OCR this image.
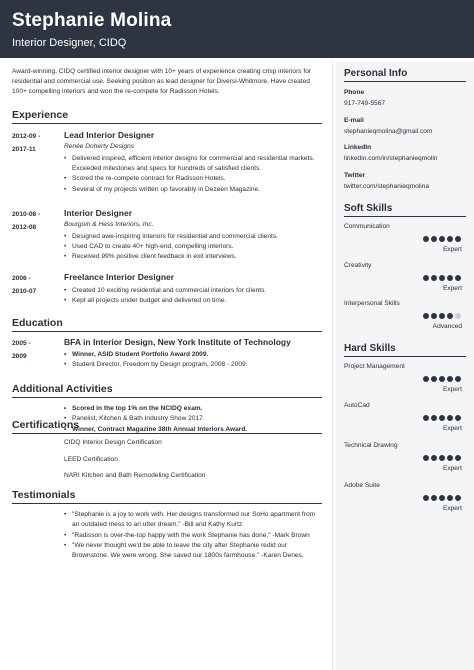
Stephanie Molina
Interior Designer, CIDQ
Award-winning, CIDQ certified interior designer with 10+ years of experience creating crisp interiors for residential and commercial use. Seeking position as lead designer for Diversi-Whitmore. Have created 100+ compelling interiors and won the re-compete for Radisson Hotels.
Experience
2012-09 -
2017-11
Lead Interior Designer
Renée Doherty Designs
• Delivered inspired, efficient interior designs for commercial and residential markets. Exceeded milestones and specs for hundreds of satisfied clients.
• Scored the re-compete contract for Radisson Hotels.
• Several of my projects written up favorably in Dezeen Magazine.
2010-08 -
2012-08
Interior Designer
Bourgoin & Hess Interiors, Inc.
• Designed awe-inspiring interiors for residential and commercial clients.
• Used CAD to create 40+ high-end, compelling interiors.
• Received 99% positive client feedback in exit interviews.
2006 -
2010-07
Freelance Interior Designer
• Created 10 exciting residential and commercial interiors for clients.
• Kept all projects under budget and delivered on time.
Education
2005 -
2009
BFA in Interior Design, New York Institute of Technology
• Winner, ASID Student Portfolio Award 2009.
• Student Director, Freedom by Design program, 2008 - 2009.
Additional Activities
• Scored in the top 1% on the NCIDQ exam.
• Panelist, Kitchen & Bath Industry Show 2017.
• Winner, Contract Magazine 38th Annual Interiors Award.
Certifications
CIDQ Interior Design Certification
LEED Certification
NARI Kitchen and Bath Remodeling Certification
Testimonials
• "Stephanie is a joy to work with. Her designs transformed our SoHo apartment from an outdated mess to an utter dream." -Bill and Kathy Kurtz
• "Radisson is over-the-top happy with the work Stephanie has done." -Mark Brown
• "We never thought we'd be able to leave the city after Stephanie redid our Brownstone. We were wrong. She saved our 1800s farmhouse." -Karen Denes.
Personal Info
Phone
917-749-5567
E-mail
stephanieqmolina@gmail.com
LinkedIn
linkedin.com/in/stephanieqmolin
Twitter
twitter.com/stephanieqmolina
Soft Skills
Communication
Expert
Creativity
Expert
Interpersonal Skills
Advanced
Hard Skills
Project Management
Expert
AutoCad
Expert
Technical Drawing
Expert
Adobe Suite
Expert
